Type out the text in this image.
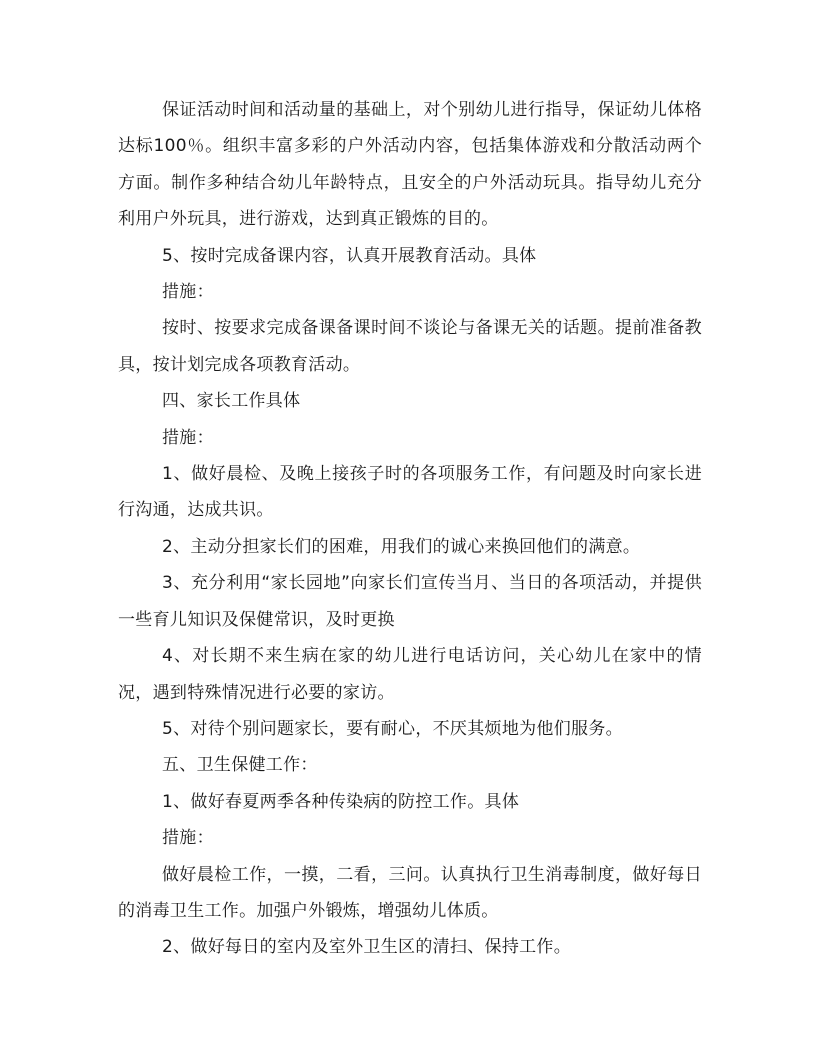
保证活动时间和活动量的基础上，对个别幼儿进行指导，保证幼儿体格达标100％。组织丰富多彩的户外活动内容，包括集体游戏和分散活动两个方面。制作多种结合幼儿年龄特点，且安全的户外活动玩具。指导幼儿充分利用户外玩具，进行游戏，达到真正锻炼的目的。

5、按时完成备课内容，认真开展教育活动。具体

措施：

按时、按要求完成备课备课时间不谈论与备课无关的话题。提前准备教具，按计划完成各项教育活动。

四、家长工作具体

措施：

1、做好晨检、及晚上接孩子时的各项服务工作，有问题及时向家长进行沟通，达成共识。

2、主动分担家长们的困难，用我们的诚心来换回他们的满意。

3、充分利用“家长园地”向家长们宣传当月、当日的各项活动，并提供一些育儿知识及保健常识，及时更换

4、对长期不来生病在家的幼儿进行电话访问，关心幼儿在家中的情况，遇到特殊情况进行必要的家访。

5、对待个别问题家长，要有耐心，不厌其烦地为他们服务。

五、卫生保健工作：

1、做好春夏两季各种传染病的防控工作。具体

措施：

做好晨检工作，一摸，二看，三问。认真执行卫生消毒制度，做好每日的消毒卫生工作。加强户外锻炼，增强幼儿体质。

2、做好每日的室内及室外卫生区的清扫、保持工作。
